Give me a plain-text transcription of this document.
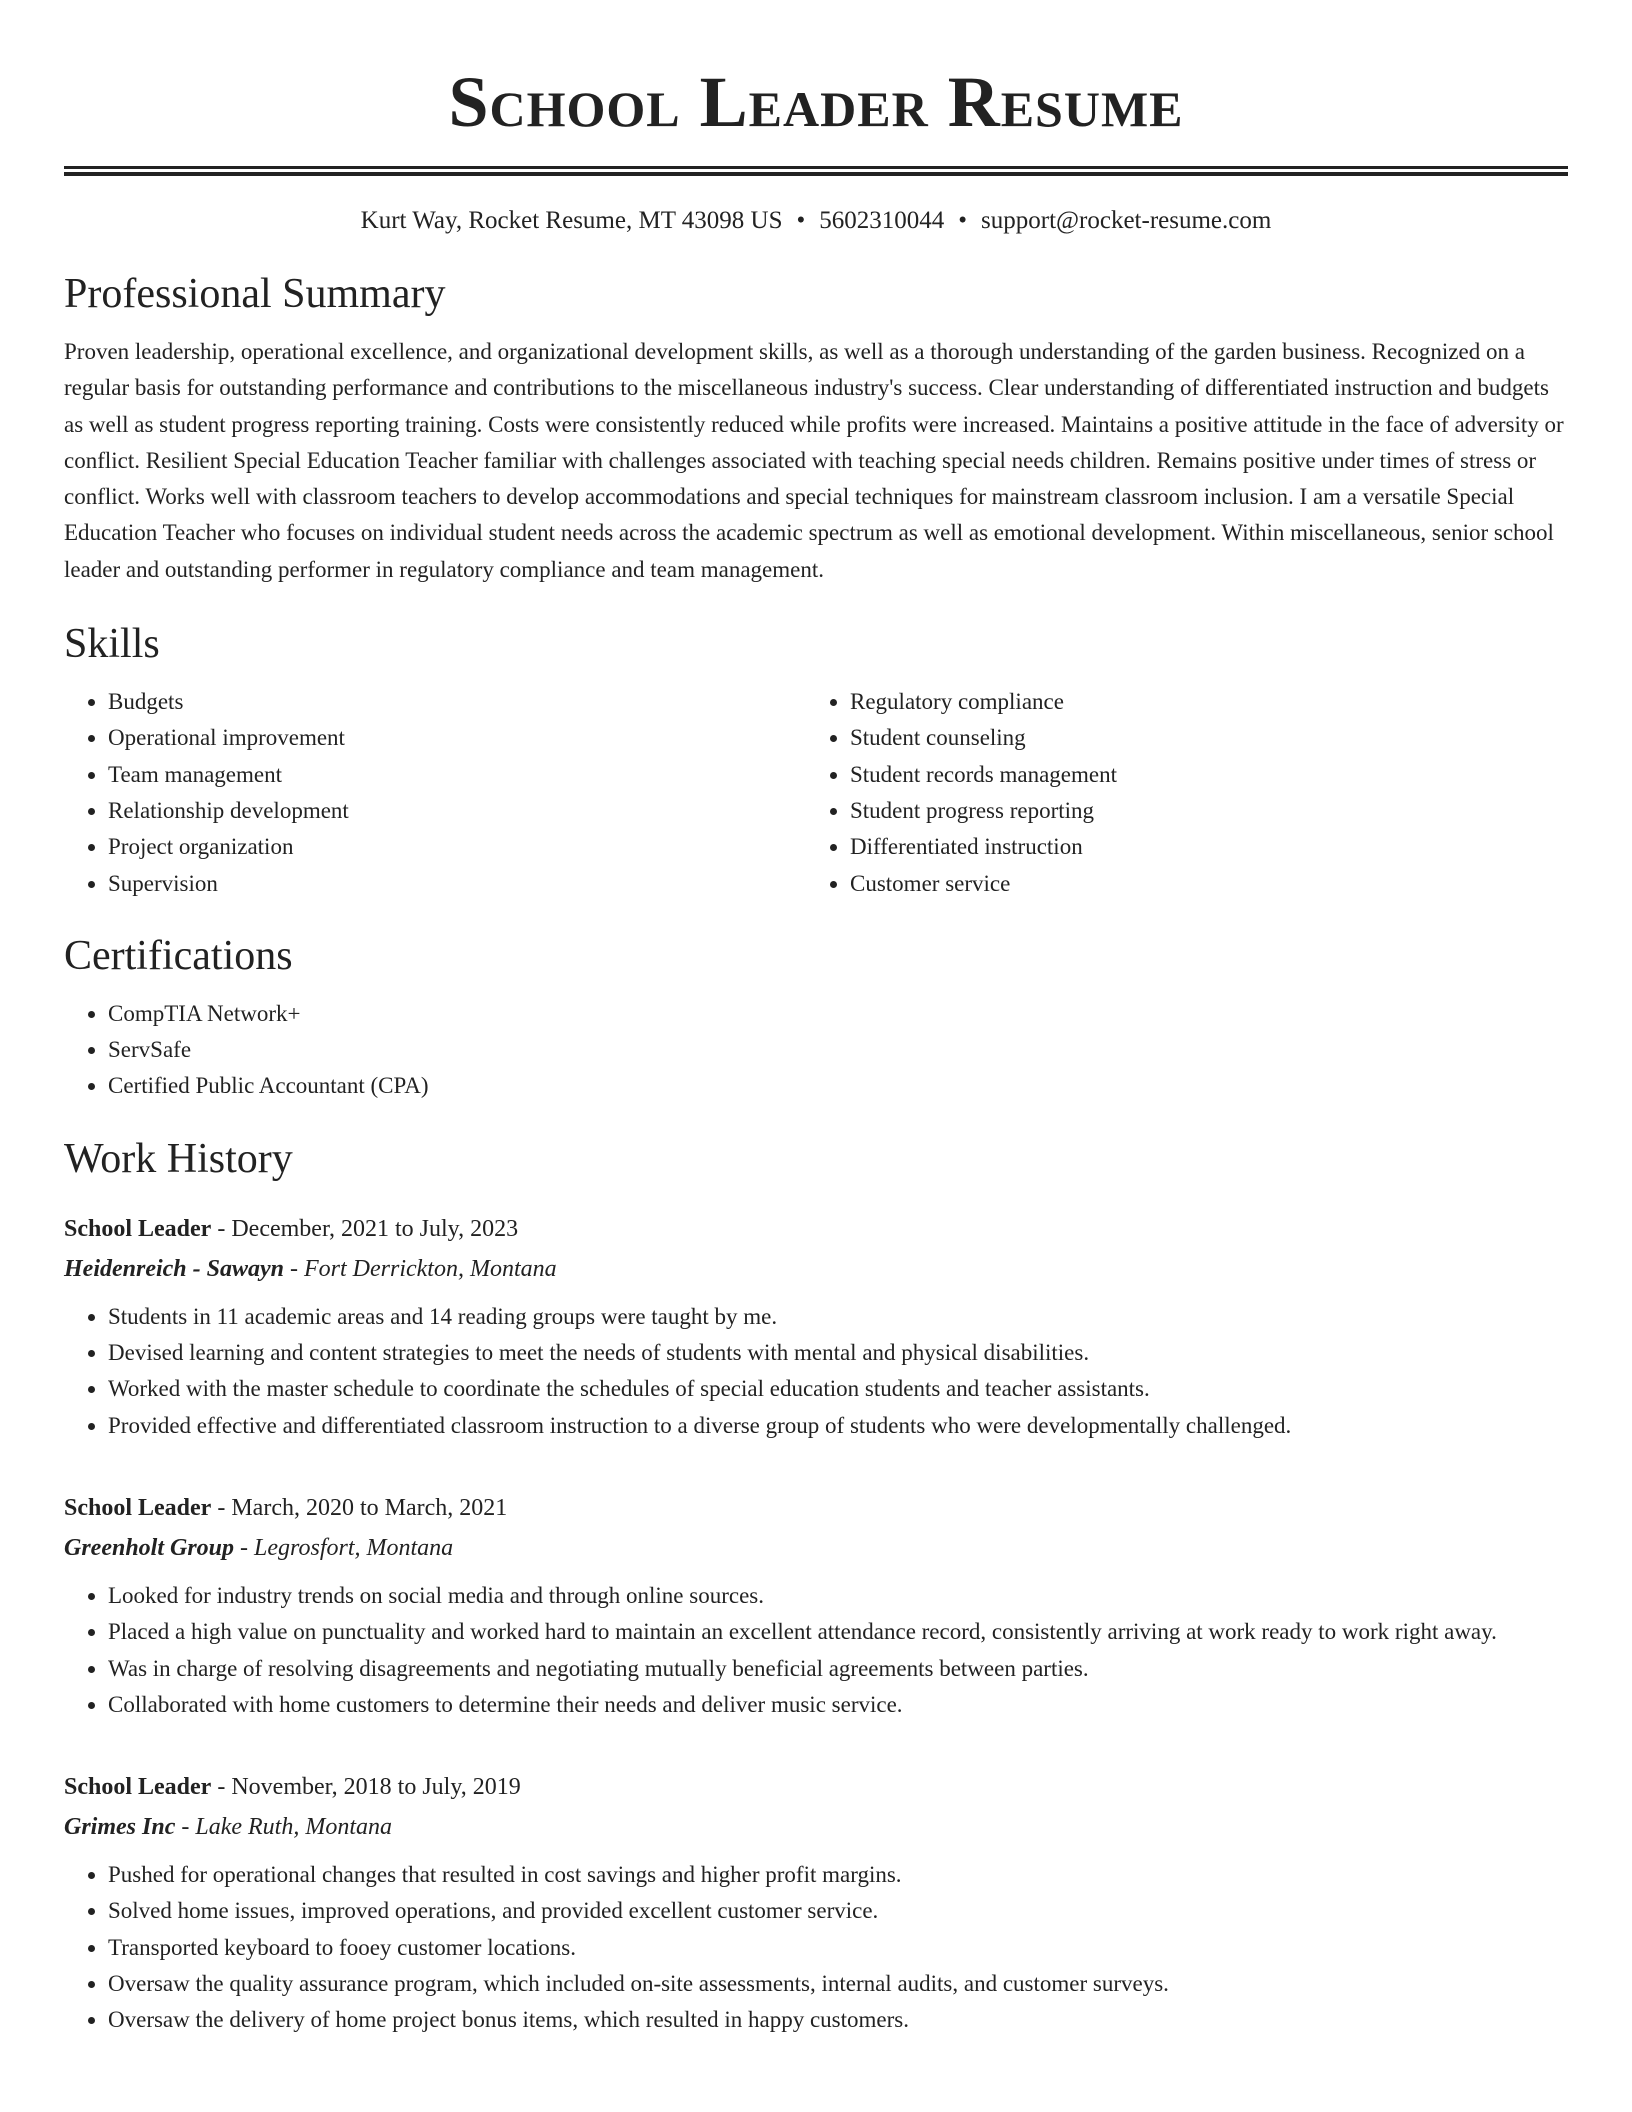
School Leader Resume
Kurt Way, Rocket Resume, MT 43098 US • 5602310044 • support@rocket-resume.com
Professional Summary

Proven leadership, operational excellence, and organizational development skills, as well as a thorough understanding of the garden business. Recognized on a regular basis for outstanding performance and contributions to the miscellaneous industry's success. Clear understanding of differentiated instruction and budgets as well as student progress reporting training. Costs were consistently reduced while profits were increased. Maintains a positive attitude in the face of adversity or conflict. Resilient Special Education Teacher familiar with challenges associated with teaching special needs children. Remains positive under times of stress or conflict. Works well with classroom teachers to develop accommodations and special techniques for mainstream classroom inclusion. I am a versatile Special Education Teacher who focuses on individual student needs across the academic spectrum as well as emotional development. Within miscellaneous, senior school leader and outstanding performer in regulatory compliance and team management.

Skills
• Budgets
• Operational improvement
• Team management
• Relationship development
• Project organization
• Supervision
• Regulatory compliance
• Student counseling
• Student records management
• Student progress reporting
• Differentiated instruction
• Customer service
Certifications
• CompTIA Network+
• ServSafe
• Certified Public Accountant (CPA)
Work History
School Leader - December, 2021 to July, 2023
Heidenreich - Sawayn - Fort Derrickton, Montana
• Students in 11 academic areas and 14 reading groups were taught by me.
• Devised learning and content strategies to meet the needs of students with mental and physical disabilities.
• Worked with the master schedule to coordinate the schedules of special education students and teacher assistants.
• Provided effective and differentiated classroom instruction to a diverse group of students who were developmentally challenged.
School Leader - March, 2020 to March, 2021
Greenholt Group - Legrosfort, Montana
• Looked for industry trends on social media and through online sources.
• Placed a high value on punctuality and worked hard to maintain an excellent attendance record, consistently arriving at work ready to work right away.
• Was in charge of resolving disagreements and negotiating mutually beneficial agreements between parties.
• Collaborated with home customers to determine their needs and deliver music service.
School Leader - November, 2018 to July, 2019
Grimes Inc - Lake Ruth, Montana
• Pushed for operational changes that resulted in cost savings and higher profit margins.
• Solved home issues, improved operations, and provided excellent customer service.
• Transported keyboard to fooey customer locations.
• Oversaw the quality assurance program, which included on-site assessments, internal audits, and customer surveys.
• Oversaw the delivery of home project bonus items, which resulted in happy customers.
